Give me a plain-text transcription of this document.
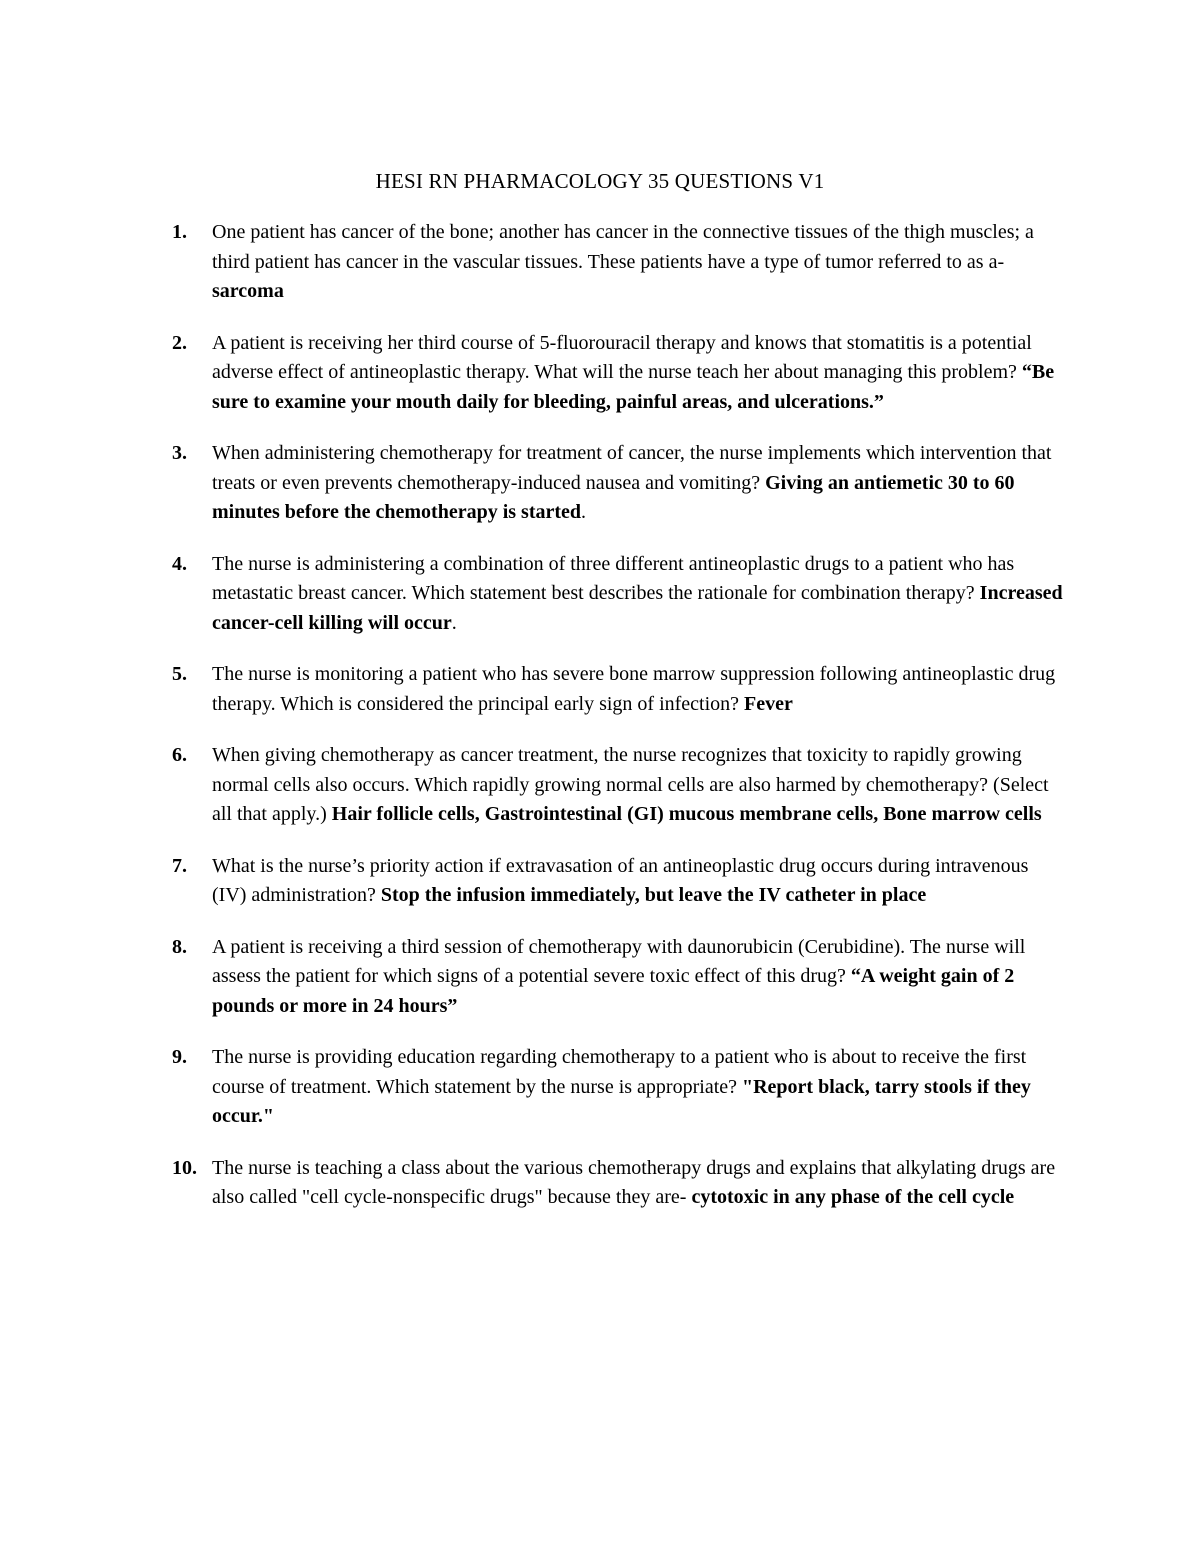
HESI RN PHARMACOLOGY 35 QUESTIONS V1
1.	One patient has cancer of the bone; another has cancer in the connective tissues of the thigh muscles; a third patient has cancer in the vascular tissues. These patients have a type of tumor referred to as a- sarcoma
2.	A patient is receiving her third course of 5-fluorouracil therapy and knows that stomatitis is a potential adverse effect of antineoplastic therapy. What will the nurse teach her about managing this problem? “Be sure to examine your mouth daily for bleeding, painful areas, and ulcerations.”
3.	When administering chemotherapy for treatment of cancer, the nurse implements which intervention that treats or even prevents chemotherapy-induced nausea and vomiting? Giving an antiemetic 30 to 60 minutes before the chemotherapy is started.
4.	The nurse is administering a combination of three different antineoplastic drugs to a patient who has metastatic breast cancer. Which statement best describes the rationale for combination therapy? Increased cancer-cell killing will occur.
5.	The nurse is monitoring a patient who has severe bone marrow suppression following antineoplastic drug therapy. Which is considered the principal early sign of infection? Fever
6.	When giving chemotherapy as cancer treatment, the nurse recognizes that toxicity to rapidly growing normal cells also occurs. Which rapidly growing normal cells are also harmed by chemotherapy? (Select all that apply.) Hair follicle cells, Gastrointestinal (GI) mucous membrane cells, Bone marrow cells
7.	What is the nurse’s priority action if extravasation of an antineoplastic drug occurs during intravenous (IV) administration? Stop the infusion immediately, but leave the IV catheter in place
8.	A patient is receiving a third session of chemotherapy with daunorubicin (Cerubidine). The nurse will assess the patient for which signs of a potential severe toxic effect of this drug? “A weight gain of 2 pounds or more in 24 hours”
9.	The nurse is providing education regarding chemotherapy to a patient who is about to receive the first course of treatment. Which statement by the nurse is appropriate? "Report black, tarry stools if they occur."
10. The nurse is teaching a class about the various chemotherapy drugs and explains that alkylating drugs are also called "cell cycle-nonspecific drugs" because they are- cytotoxic in any phase of the cell cycle
